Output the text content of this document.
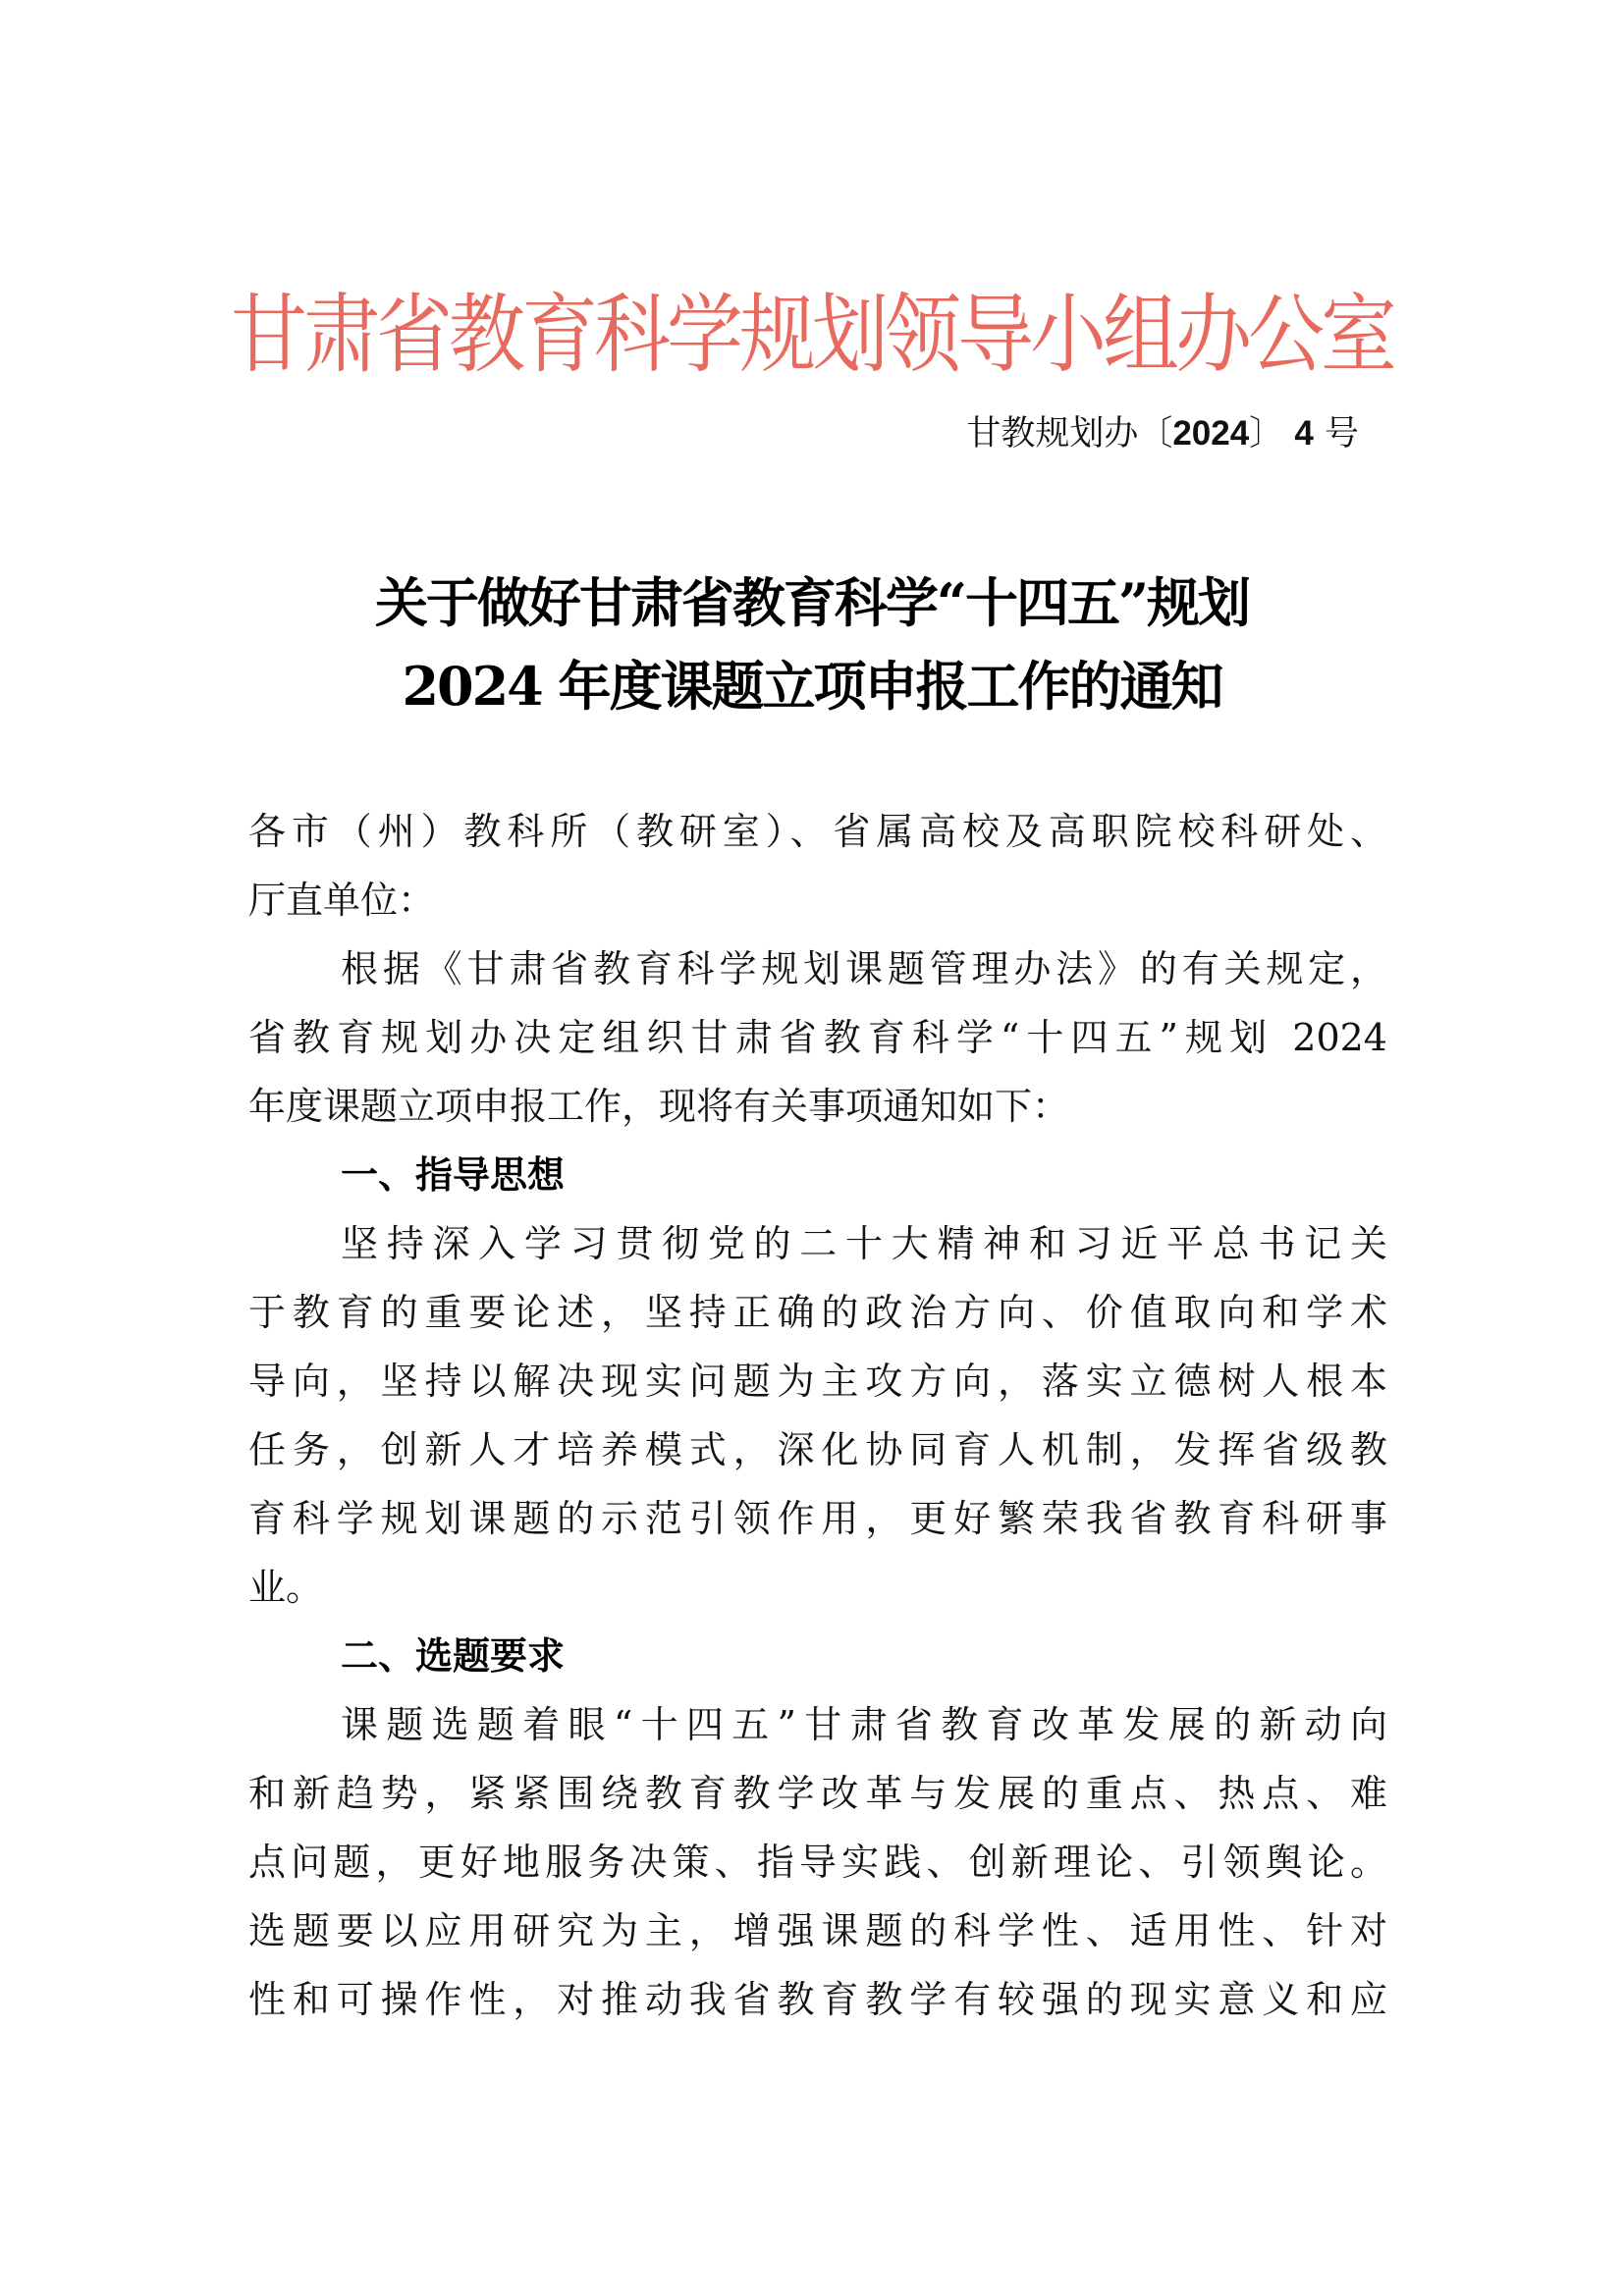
甘肃省教育科学规划领导小组办公室
甘教规划办〔2024〕 4 号
关于做好甘肃省教育科学“十四五”规划
2024 年度课题立项申报工作的通知
各市（州）教科所（教研室）、省属高校及高职院校科研处、
厅直单位：
根据《甘肃省教育科学规划课题管理办法》的有关规定，
省教育规划办决定组织甘肃省教育科学“十四五”规划 2024
年度课题立项申报工作，现将有关事项通知如下：
一、指导思想
坚持深入学习贯彻党的二十大精神和习近平总书记关
于教育的重要论述，坚持正确的政治方向、价值取向和学术
导向，坚持以解决现实问题为主攻方向，落实立德树人根本
任务，创新人才培养模式，深化协同育人机制，发挥省级教
育科学规划课题的示范引领作用，更好繁荣我省教育科研事
业。
二、选题要求
课题选题着眼“十四五”甘肃省教育改革发展的新动向
和新趋势，紧紧围绕教育教学改革与发展的重点、热点、难
点问题，更好地服务决策、指导实践、创新理论、引领舆论。
选题要以应用研究为主，增强课题的科学性、适用性、针对
性和可操作性，对推动我省教育教学有较强的现实意义和应
